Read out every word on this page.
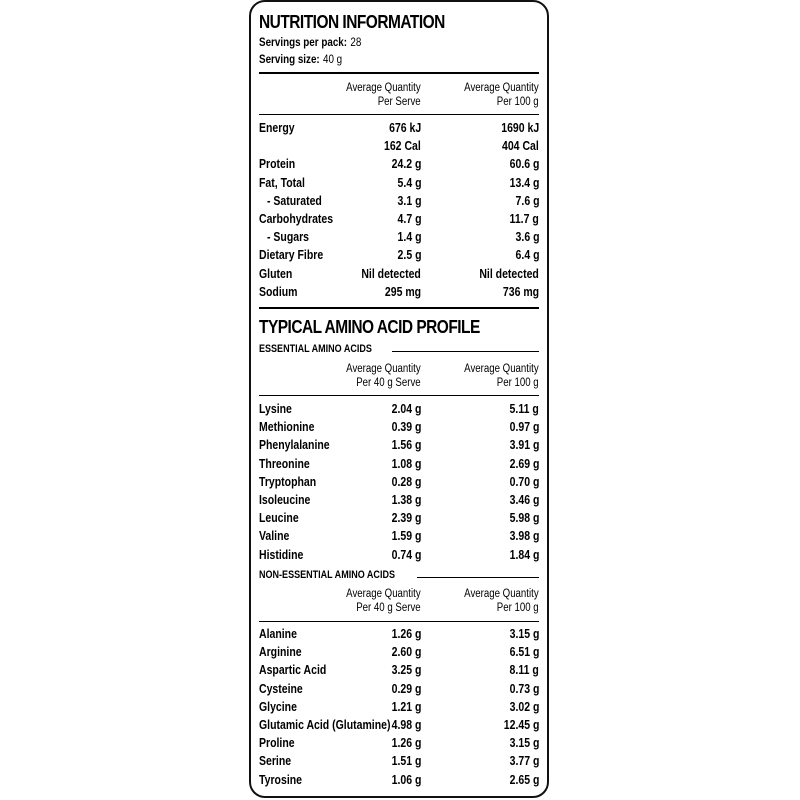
NUTRITION INFORMATION
Servings per pack: 28
Serving size: 40 g
Average Quantity
Per Serve
Average Quantity
Per 100 g
Energy	676 kJ	1690 kJ
162 Cal	404 Cal
Protein	24.2 g	60.6 g
Fat, Total	5.4 g	13.4 g
- Saturated	3.1 g	7.6 g
Carbohydrates	4.7 g	11.7 g
- Sugars	1.4 g	3.6 g
Dietary Fibre	2.5 g	6.4 g
Gluten	Nil detected	Nil detected
Sodium	295 mg	736 mg
TYPICAL AMINO ACID PROFILE
ESSENTIAL AMINO ACIDS
Average Quantity
Per 40 g Serve
Average Quantity
Per 100 g
Lysine	2.04 g	5.11 g
Methionine	0.39 g	0.97 g
Phenylalanine	1.56 g	3.91 g
Threonine	1.08 g	2.69 g
Tryptophan	0.28 g	0.70 g
Isoleucine	1.38 g	3.46 g
Leucine	2.39 g	5.98 g
Valine	1.59 g	3.98 g
Histidine	0.74 g	1.84 g
NON-ESSENTIAL AMINO ACIDS
Average Quantity
Per 40 g Serve
Average Quantity
Per 100 g
Alanine	1.26 g	3.15 g
Arginine	2.60 g	6.51 g
Aspartic Acid	3.25 g	8.11 g
Cysteine	0.29 g	0.73 g
Glycine	1.21 g	3.02 g
Glutamic Acid (Glutamine) 4.98 g	12.45 g
Proline	1.26 g	3.15 g
Serine	1.51 g	3.77 g
Tyrosine	1.06 g	2.65 g
